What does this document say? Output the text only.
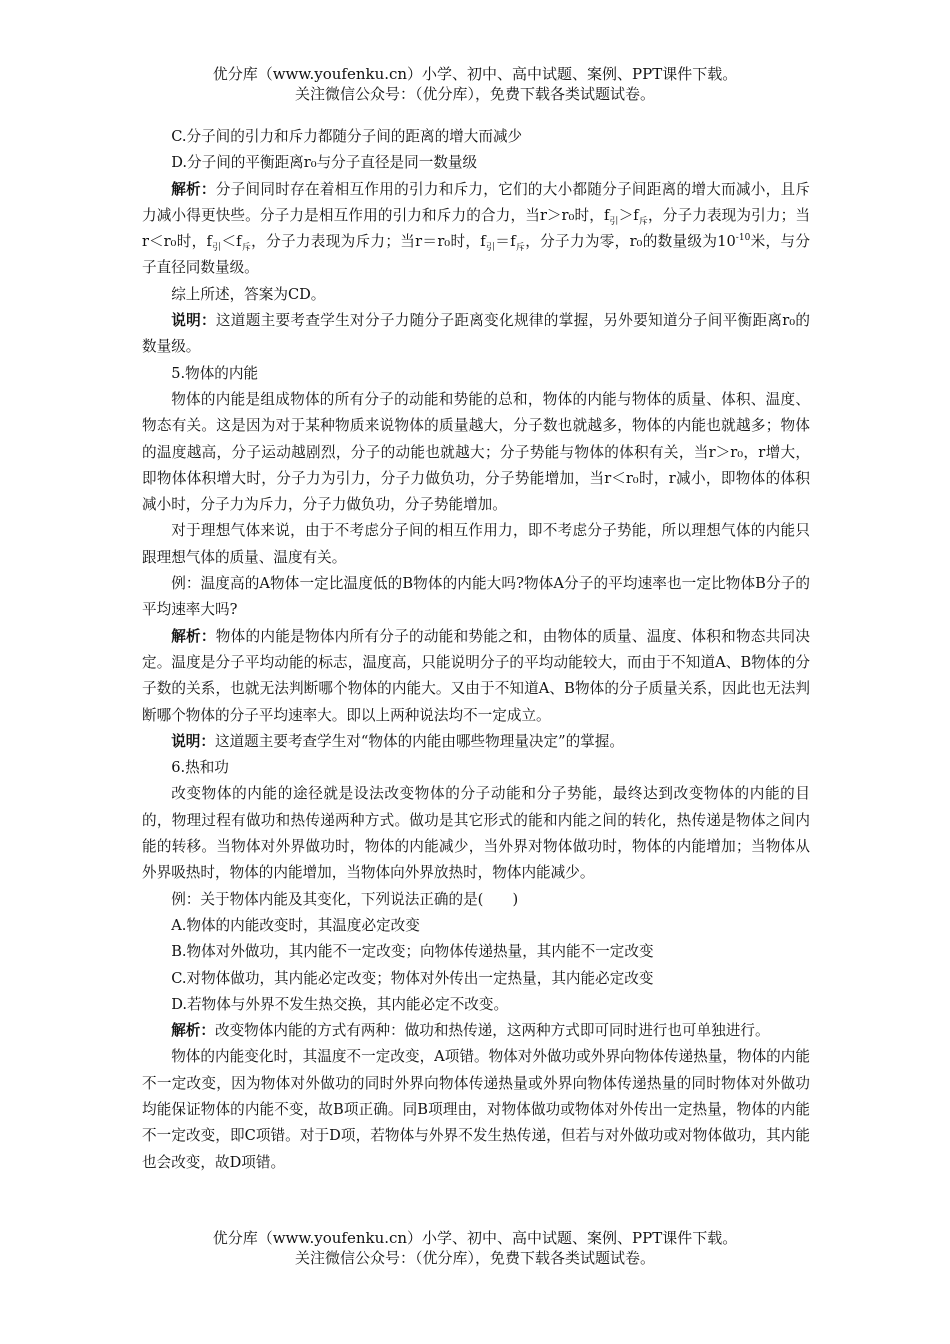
优分库（www.youfenku.cn）小学、初中、高中试题、案例、PPT课件下载。
关注微信公众号：（优分库），免费下载各类试题试卷。

C.分子间的引力和斥力都随分子间的距离的增大而减少

D.分子间的平衡距离r₀与分子直径是同一数量级

解析：分子间同时存在着相互作用的引力和斥力，它们的大小都随分子间距离的增大而减小，且斥力减小得更快些。分子力是相互作用的引力和斥力的合力，当r＞r₀时，$f_引>f_斥$，分子力表现为引力；当r＜r₀时，$f_引<f_斥$，分子力表现为斥力；当r＝r₀时，$f_引=f_斥$，分子力为零，r₀的数量级为$10^{-10}$米，与分子直径同数量级。

综上所述，答案为CD。

说明：这道题主要考查学生对分子力随分子距离变化规律的掌握，另外要知道分子间平衡距离r₀的数量级。

5.物体的内能

物体的内能是组成物体的所有分子的动能和势能的总和，物体的内能与物体的质量、体积、温度、物态有关。这是因为对于某种物质来说物体的质量越大，分子数也就越多，物体的内能也就越多；物体的温度越高，分子运动越剧烈，分子的动能也就越大；分子势能与物体的体积有关，当r＞r₀，r增大，即物体体积增大时，分子力为引力，分子力做负功，分子势能增加，当r＜r₀时，r减小，即物体的体积减小时，分子力为斥力，分子力做负功，分子势能增加。

对于理想气体来说，由于不考虑分子间的相互作用力，即不考虑分子势能，所以理想气体的内能只跟理想气体的质量、温度有关。

例：温度高的A物体一定比温度低的B物体的内能大吗?物体A分子的平均速率也一定比物体B分子的平均速率大吗?

解析：物体的内能是物体内所有分子的动能和势能之和，由物体的质量、温度、体积和物态共同决定。温度是分子平均动能的标志，温度高，只能说明分子的平均动能较大，而由于不知道A、B物体的分子数的关系，也就无法判断哪个物体的内能大。又由于不知道A、B物体的分子质量关系，因此也无法判断哪个物体的分子平均速率大。即以上两种说法均不一定成立。

说明：这道题主要考查学生对“物体的内能由哪些物理量决定”的掌握。

6.热和功

改变物体的内能的途径就是设法改变物体的分子动能和分子势能，最终达到改变物体的内能的目的，物理过程有做功和热传递两种方式。做功是其它形式的能和内能之间的转化，热传递是物体之间内能的转移。当物体对外界做功时，物体的内能减少，当外界对物体做功时，物体的内能增加；当物体从外界吸热时，物体的内能增加，当物体向外界放热时，物体内能减少。

例：关于物体内能及其变化，下列说法正确的是(　　)

A.物体的内能改变时，其温度必定改变

B.物体对外做功，其内能不一定改变；向物体传递热量，其内能不一定改变

C.对物体做功，其内能必定改变；物体对外传出一定热量，其内能必定改变

D.若物体与外界不发生热交换，其内能必定不改变。

解析：改变物体内能的方式有两种：做功和热传递，这两种方式即可同时进行也可单独进行。

物体的内能变化时，其温度不一定改变，A项错。物体对外做功或外界向物体传递热量，物体的内能不一定改变，因为物体对外做功的同时外界向物体传递热量或外界向物体传递热量的同时物体对外做功均能保证物体的内能不变，故B项正确。同B项理由，对物体做功或物体对外传出一定热量，物体的内能不一定改变，即C项错。对于D项，若物体与外界不发生热传递，但若与对外做功或对物体做功，其内能也会改变，故D项错。

优分库（www.youfenku.cn）小学、初中、高中试题、案例、PPT课件下载。
关注微信公众号：（优分库），免费下载各类试题试卷。
